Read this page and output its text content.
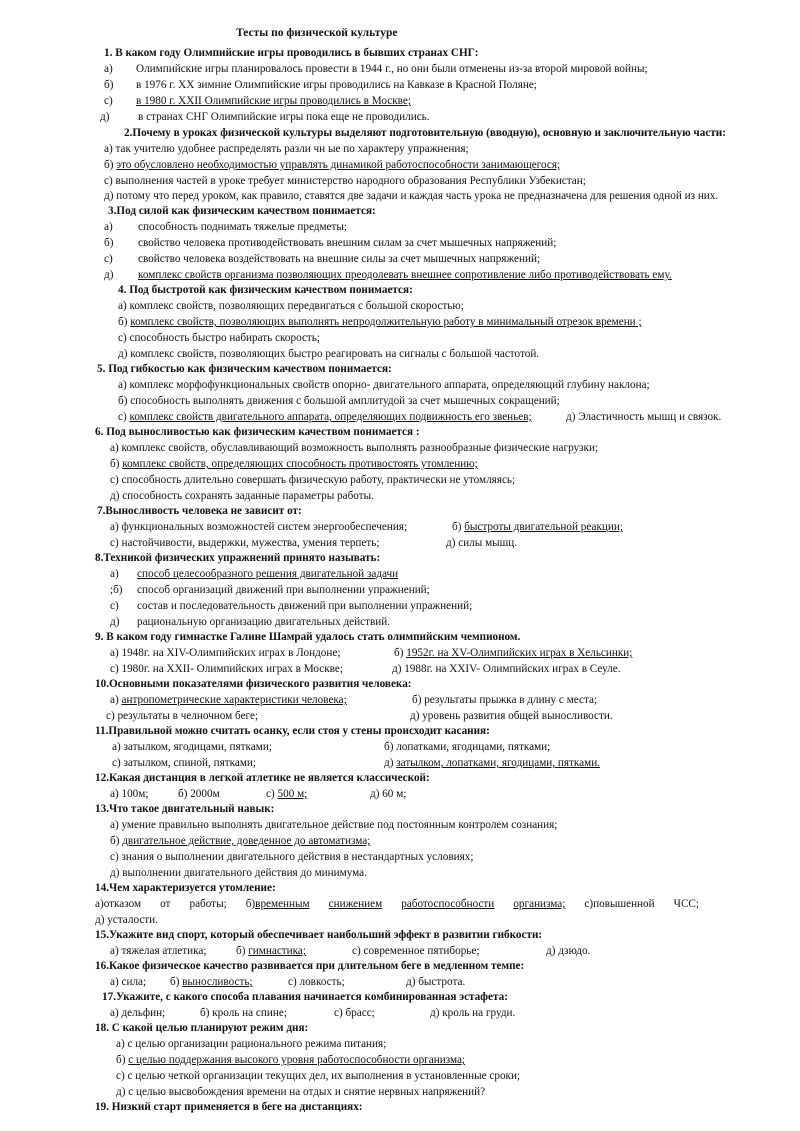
Тесты по физической культуре
1. В каком году Олимпийские игры проводились в бывших странах СНГ:
а) Олимпийские игры планировалось провести в 1944 г., но они были отменены из-за второй мировой войны;
б) в 1976 г. XX зимние Олимпийские игры проводились на Кавказе в Красной Поляне;
с) в 1980 г. XXII Олимпийские игры проводились в Москве;
д)	в странах СНГ Олимпийские игры пока еще не проводились.
2.Почему в уроках физической культуры выделяют подготовительную (вводную), основную и заключительную части:
а) так учителю удобнее распределять разли чн ые по характеру упражнения;
б) это обусловлено необходимостью управлять динамикой работоспособности занимающегося;
с) выполнения частей в уроке требует министерство народного образования Республики Узбекистан;
д) потому что перед уроком, как правило, ставятся две задачи и каждая часть урока не предназначена для решения одной из них.
3.Под силой как физическим качеством понимается:
а) способность поднимать тяжелые предметы;
б) свойство человека противодействовать внешним силам за счет мышечных напряжений;
с) свойство человека воздействовать на внешние силы за счет мышечных напряжений;
д) комплекс свойств организма позволяющих преодолевать внешнее сопротивление либо противодействовать ему.
4. Под быстротой как физическим качеством понимается:
а) комплекс свойств, позволяющих передвигаться с большой скоростью;
б) комплекс свойств, позволяющих выполнять непродолжительную работу в минимальный отрезок времени ;
с) способность быстро набирать скорость;
д) комплекс свойств, позволяющих быстро реагировать на сигналы с большой частотой.
5. Под гибкостью как физическим качеством понимается:
а) комплекс морфофункциональных свойств опорно- двигательного аппарата, определяющий глубину наклона;
б) способность выполнять движения с большой амплитудой за счет мышечных сокращений;
с) комплекс свойств двигательного аппарата, определяющих подвижность его звеньев;	д) Эластичность мышц и связок.
6. Под выносливостью как физическим качеством понимается :
а) комплекс свойств, обуславливающий возможность выполнять разнообразные физические нагрузки;
б) комплекс свойств, определяющих способность противостоять утомлению;
с) способность длительно совершать физическую работу, практически не утомляясь;
д) способность сохранять заданные параметры работы.
7.Выносливость человека не зависит от:
а) функциональных возможностей систем энергообеспечения;	б) быстроты двигательной реакции;
с) настойчивости, выдержки, мужества, умения терпеть;	д) силы мышц.
8.Техникой физических упражнений принято называть:
а) способ целесообразного решения двигательной задачи
;б) способ организаций движений при выполнении упражнений;
с) состав и последовательность движений при выполнении упражнений;
д) рациональную организацию двигательных действий.
9. В каком году гимнастке Галине Шамрай удалось стать олимпийским чемпионом.
а) 1948г. на XIV-Олимпийских играх в Лондоне;	б) 1952г. на XV-Олимпийских играх в Хельсинки;
с) 1980г. на XXII- Олимпийских играх в Москве;	д) 1988г. на XXIV- Олимпийских играх в Сеуле.
10.Основными показателями физического развития человека:
а) антропометрические характеристики человека;	б) результаты прыжка в длину с места;
с) результаты в челночном беге;	д) уровень развития общей выносливости.
11.Правильной можно считать осанку, если стоя у стены происходит касания:
а) затылком, ягодицами, пятками;	б) лопатками, ягодицами, пятками;
с) затылком, спиной, пятками;	д) затылком, лопатками, ягодицами, пятками.
12.Какая дистанция в легкой атлетике не является классической:
а) 100м;	б) 2000м	с) 500 м;	д) 60 м;
13.Что такое двигательный навык:
а) умение правильно выполнять двигательное действие под постоянным контролем сознания;
б) двигательное действие, доведенное до автоматизма;
с) знания о выполнении двигательного действия в нестандартных условиях;
д) выполнении двигательного действия до минимума.
14.Чем характеризуется утомление:
а)отказом от работы; б)временным снижением работоспособности организма; с)повышенной ЧСС;
д) усталости.
15.Укажите вид спорт, который обеспечивает наибольший эффект в развитии гибкости:
а) тяжелая атлетика;	б) гимнастика;	с) современное пятиборье;	д) дзюдо.
16.Какое физическое качество развивается при длительном беге в медленном темпе:
а) сила; б) выносливость;	с) ловкость;	д) быстрота.
17.Укажите, с какого способа плавания начинается комбинированная эстафета:
а) дельфин;	б) кроль на спине;	с) брасс;	д) кроль на груди.
18. С какой целью планируют режим дня:
а) с целью организации рационального режима питания;
б) с целью поддержания высокого уровня работоспособности организма;
с) с целью четкой организации текущих дел, их выполнения в установленные сроки;
д) с целью высвобождения времени на отдых и снятие нервных напряжений?
19. Низкий старт применяется в беге на дистанциях:
